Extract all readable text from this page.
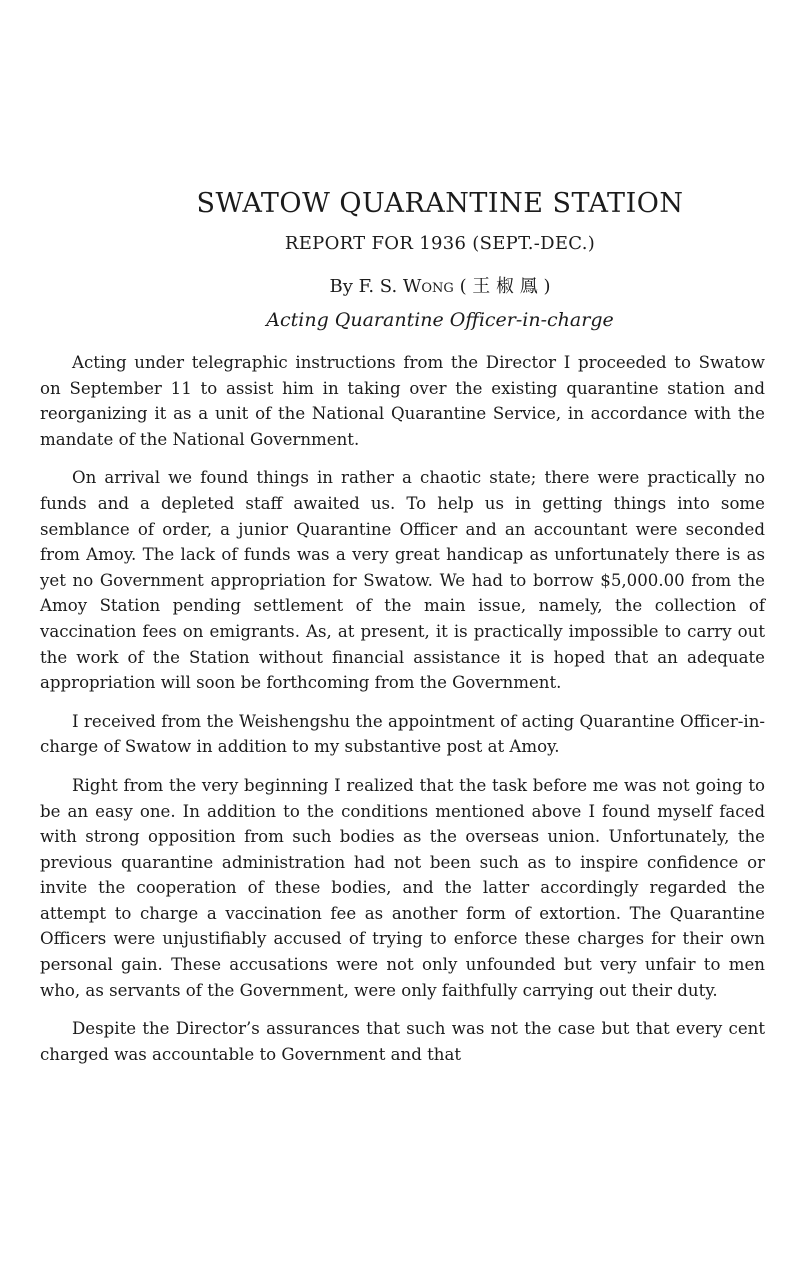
SWATOW QUARANTINE STATION
REPORT FOR 1936 (SEPT.-DEC.)
By F. S. Wong ( 王 椒 鳳 )
Acting Quarantine Officer-in-charge

Acting under telegraphic instructions from the Director I proceeded to Swatow on September 11 to assist him in taking over the existing quarantine station and reorganizing it as a unit of the National Quarantine Service, in accordance with the mandate of the National Government.

On arrival we found things in rather a chaotic state; there were practically no funds and a depleted staff awaited us. To help us in getting things into some semblance of order, a junior Quarantine Officer and an accountant were seconded from Amoy. The lack of funds was a very great handicap as unfortunately there is as yet no Government appropriation for Swatow. We had to borrow $5,000.00 from the Amoy Station pending settlement of the main issue, namely, the collection of vaccination fees on emigrants. As, at present, it is practically impossible to carry out the work of the Station without financial assistance it is hoped that an adequate appropriation will soon be forthcoming from the Government.

I received from the Weishengshu the appointment of acting Quarantine Officer-in-charge of Swatow in addition to my substantive post at Amoy.

Right from the very beginning I realized that the task before me was not going to be an easy one. In addition to the conditions mentioned above I found myself faced with strong opposition from such bodies as the overseas union. Unfortunately, the previous quarantine administration had not been such as to inspire confidence or invite the cooperation of these bodies, and the latter accordingly regarded the attempt to charge a vaccination fee as another form of extortion. The Quarantine Officers were unjustifiably accused of trying to enforce these charges for their own personal gain. These accusations were not only unfounded but very unfair to men who, as servants of the Government, were only faithfully carrying out their duty.

Despite the Director’s assurances that such was not the case but that every cent charged was accountable to Government and that
